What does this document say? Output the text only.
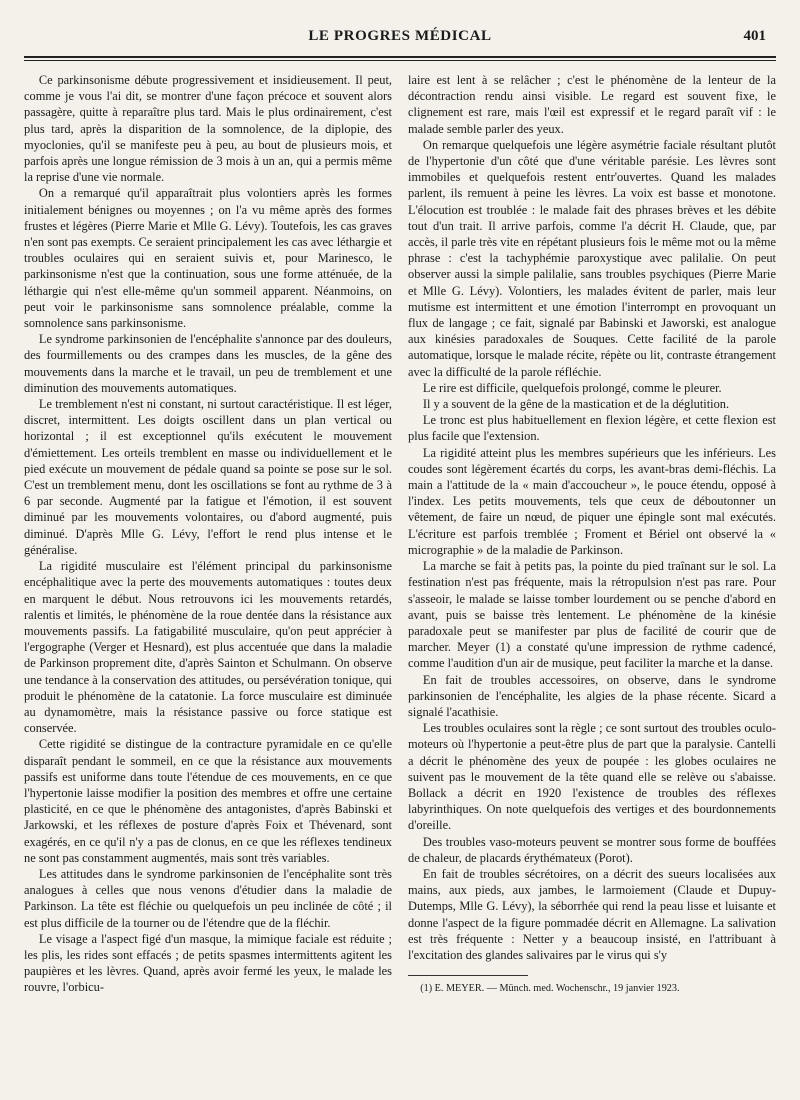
LE PROGRES MÉDICAL	401

Ce parkinsonisme débute progressivement et insidieusement. Il peut, comme je vous l'ai dit, se montrer d'une façon précoce et souvent alors passagère, quitte à reparaître plus tard. Mais le plus ordinairement, c'est plus tard, après la disparition de la somnolence, de la diplopie, des myoclonies, qu'il se manifeste peu à peu, au bout de plusieurs mois, et parfois après une longue rémission de 3 mois à un an, qui a permis même la reprise d'une vie normale.

On a remarqué qu'il apparaîtrait plus volontiers après les formes initialement bénignes ou moyennes ; on l'a vu même après des formes frustes et légères (Pierre Marie et Mlle G. Lévy). Toutefois, les cas graves n'en sont pas exempts. Ce seraient principalement les cas avec léthargie et troubles oculaires qui en seraient suivis et, pour Marinesco, le parkinsonisme n'est que la continuation, sous une forme atténuée, de la léthargie qui n'est elle-même qu'un sommeil apparent. Néanmoins, on peut voir le parkinsonisme sans somnolence préalable, comme la somnolence sans parkinsonisme.

Le syndrome parkinsonien de l'encéphalite s'annonce par des douleurs, des fourmillements ou des crampes dans les muscles, de la gêne des mouvements dans la marche et le travail, un peu de tremblement et une diminution des mouvements automatiques.

Le tremblement n'est ni constant, ni surtout caractéristique. Il est léger, discret, intermittent. Les doigts oscillent dans un plan vertical ou horizontal ; il est exceptionnel qu'ils exécutent le mouvement d'émiettement. Les orteils tremblent en masse ou individuellement et le pied exécute un mouvement de pédale quand sa pointe se pose sur le sol. C'est un tremblement menu, dont les oscillations se font au rythme de 3 à 6 par seconde. Augmenté par la fatigue et l'émotion, il est souvent diminué par les mouvements volontaires, ou d'abord augmenté, puis diminué. D'après Mlle G. Lévy, l'effort le rend plus intense et le généralise.

La rigidité musculaire est l'élément principal du parkinsonisme encéphalitique avec la perte des mouvements automatiques : toutes deux en marquent le début. Nous retrouvons ici les mouvements retardés, ralentis et limités, le phénomène de la roue dentée dans la résistance aux mouvements passifs. La fatigabilité musculaire, qu'on peut apprécier à l'ergographe (Verger et Hesnard), est plus accentuée que dans la maladie de Parkinson proprement dite, d'après Sainton et Schulmann. On observe une tendance à la conservation des attitudes, ou persévération tonique, qui produit le phénomène de la catatonie. La force musculaire est diminuée au dynamomètre, mais la résistance passive ou force statique est conservée.

Cette rigidité se distingue de la contracture pyramidale en ce qu'elle disparaît pendant le sommeil, en ce que la résistance aux mouvements passifs est uniforme dans toute l'étendue de ces mouvements, en ce que l'hypertonie laisse modifier la position des membres et offre une certaine plasticité, en ce que le phénomène des antagonistes, d'après Babinski et Jarkowski, et les réflexes de posture d'après Foix et Thévenard, sont exagérés, en ce qu'il n'y a pas de clonus, en ce que les réflexes tendineux ne sont pas constamment augmentés, mais sont très variables.

Les attitudes dans le syndrome parkinsonien de l'encéphalite sont très analogues à celles que nous venons d'étudier dans la maladie de Parkinson. La tête est fléchie ou quelquefois un peu inclinée de côté ; il est plus difficile de la tourner ou de l'étendre que de la fléchir.

Le visage a l'aspect figé d'un masque, la mimique faciale est réduite ; les plis, les rides sont effacés ; de petits spasmes intermittents agitent les paupières et les lèvres. Quand, après avoir fermé les yeux, le malade les rouvre, l'orbicu-

laire est lent à se relâcher ; c'est le phénomène de la lenteur de la décontraction rendu ainsi visible. Le regard est souvent fixe, le clignement est rare, mais l'œil est expressif et le regard paraît vif : le malade semble parler des yeux.

On remarque quelquefois une légère asymétrie faciale résultant plutôt de l'hypertonie d'un côté que d'une véritable parésie. Les lèvres sont immobiles et quelquefois restent entr'ouvertes. Quand les malades parlent, ils remuent à peine les lèvres. La voix est basse et monotone. L'élocution est troublée : le malade fait des phrases brèves et les débite tout d'un trait. Il arrive parfois, comme l'a décrit H. Claude, que, par accès, il parle très vite en répétant plusieurs fois le même mot ou la même phrase : c'est la tachyphémie paroxystique avec palilalie. On peut observer aussi la simple palilalie, sans troubles psychiques (Pierre Marie et Mlle G. Lévy). Volontiers, les malades évitent de parler, mais leur mutisme est intermittent et une émotion l'interrompt en provoquant un flux de langage ; ce fait, signalé par Babinski et Jaworski, est analogue aux kinésies paradoxales de Souques. Cette facilité de la parole automatique, lorsque le malade récite, répète ou lit, contraste étrangement avec la difficulté de la parole réfléchie.

Le rire est difficile, quelquefois prolongé, comme le pleurer.

Il y a souvent de la gêne de la mastication et de la déglutition.

Le tronc est plus habituellement en flexion légère, et cette flexion est plus facile que l'extension.

La rigidité atteint plus les membres supérieurs que les inférieurs. Les coudes sont légèrement écartés du corps, les avant-bras demi-fléchis. La main a l'attitude de la « main d'accoucheur », le pouce étendu, opposé à l'index. Les petits mouvements, tels que ceux de déboutonner un vêtement, de faire un nœud, de piquer une épingle sont mal exécutés. L'écriture est parfois tremblée ; Froment et Bériel ont observé la « micrographie » de la maladie de Parkinson.

La marche se fait à petits pas, la pointe du pied traînant sur le sol. La festination n'est pas fréquente, mais la rétropulsion n'est pas rare. Pour s'asseoir, le malade se laisse tomber lourdement ou se penche d'abord en avant, puis se baisse très lentement. Le phénomène de la kinésie paradoxale peut se manifester par plus de facilité de courir que de marcher. Meyer (1) a constaté qu'une impression de rythme cadencé, comme l'audition d'un air de musique, peut faciliter la marche et la danse.

En fait de troubles accessoires, on observe, dans le syndrome parkinsonien de l'encéphalite, les algies de la phase récente. Sicard a signalé l'acathisie.

Les troubles oculaires sont la règle ; ce sont surtout des troubles oculo-moteurs où l'hypertonie a peut-être plus de part que la paralysie. Cantelli a décrit le phénomène des yeux de poupée : les globes oculaires ne suivent pas le mouvement de la tête quand elle se relève ou s'abaisse. Bollack a décrit en 1920 l'existence de troubles des réflexes labyrinthiques. On note quelquefois des vertiges et des bourdonnements d'oreille.

Des troubles vaso-moteurs peuvent se montrer sous forme de bouffées de chaleur, de placards érythémateux (Porot).

En fait de troubles sécrétoires, on a décrit des sueurs localisées aux mains, aux pieds, aux jambes, le larmoiement (Claude et Dupuy-Dutemps, Mlle G. Lévy), la séborrhée qui rend la peau lisse et luisante et donne l'aspect de la figure pommadée décrit en Allemagne. La salivation est très fréquente : Netter y a beaucoup insisté, en l'attribuant à l'excitation des glandes salivaires par le virus qui s'y

(1) E. MEYER. — Münch. med. Wochenschr., 19 janvier 1923.
